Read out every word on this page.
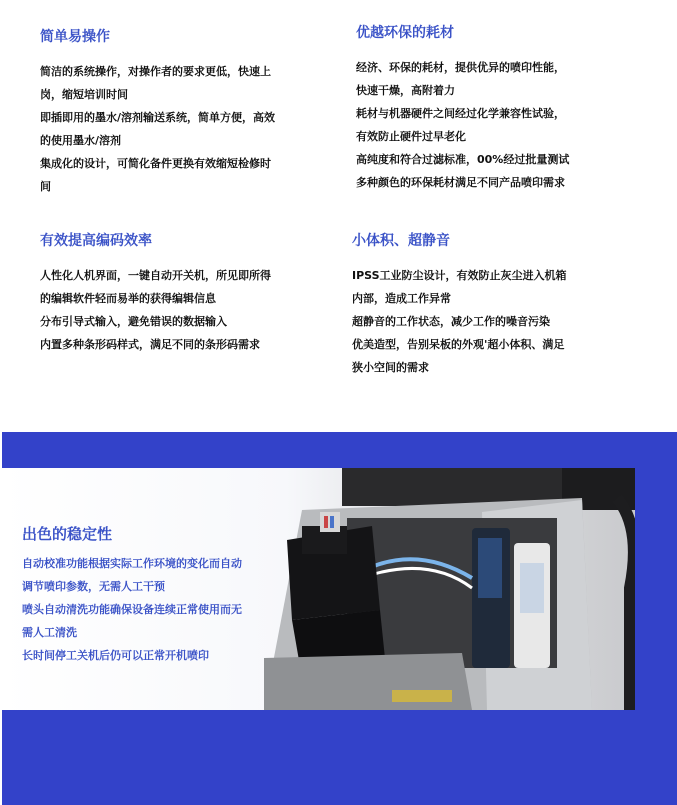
简单易操作

简洁的系统操作，对操作者的要求更低，快速上

岗，缩短培训时间

即插即用的墨水/溶剂输送系统，简单方便，高效

的使用墨水/溶剂

集成化的设计，可简化备件更换有效缩短检修时

间

优越环保的耗材

经济、环保的耗材，提供优异的喷印性能，

快速干燥，高附着力

耗材与机器硬件之间经过化学兼容性试验，

有效防止硬件过早老化

高纯度和符合过滤标准，00%经过批量测试

多种颜色的环保耗材满足不同产品喷印需求

有效提高编码效率

人性化人机界面，一键自动开关机，所见即所得

的编辑软件轻而易举的获得编辑信息

分布引导式输入，避免错误的数据输入

内置多种条形码样式，满足不同的条形码需求

小体积、超静音

IPSS工业防尘设计，有效防止灰尘进入机箱

内部，造成工作异常

超静音的工作状态，减少工作的噪音污染

优美造型，告别呆板的外观'超小体积、满足

狭小空间的需求

出色的稳定性

自动校准功能根据实际工作环境的变化而自动

调节喷印参数，无需人工干预

喷头自动清洗功能确保设备连续正常使用而无

需人工清洗

长时间停工关机后仍可以正常开机喷印
